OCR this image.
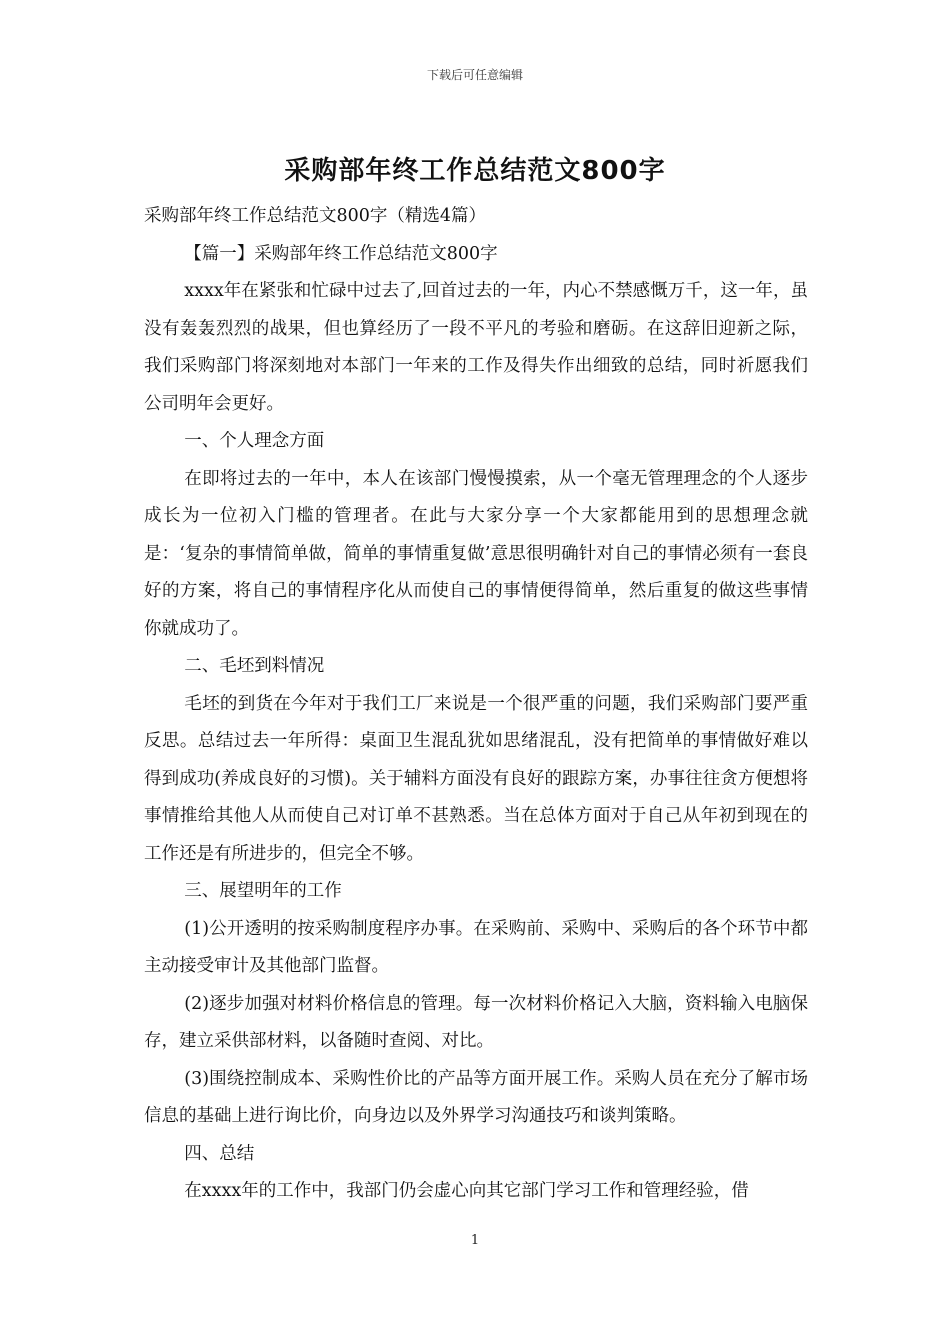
下载后可任意编辑
采购部年终工作总结范文800字

采购部年终工作总结范文800字（精选4篇）

【篇一】采购部年终工作总结范文800字

xxxx年在紧张和忙碌中过去了,回首过去的一年，内心不禁感慨万千，这一年，虽没有轰轰烈烈的战果，但也算经历了一段不平凡的考验和磨砺。在这辞旧迎新之际，我们采购部门将深刻地对本部门一年来的工作及得失作出细致的总结，同时祈愿我们公司明年会更好。

一、个人理念方面

在即将过去的一年中，本人在该部门慢慢摸索，从一个毫无管理理念的个人逐步成长为一位初入门槛的管理者。在此与大家分享一个大家都能用到的思想理念就是：‘复杂的事情简单做，简单的事情重复做’意思很明确针对自己的事情必须有一套良好的方案，将自己的事情程序化从而使自己的事情便得简单，然后重复的做这些事情你就成功了。

二、毛坯到料情况

毛坯的到货在今年对于我们工厂来说是一个很严重的问题，我们采购部门要严重反思。总结过去一年所得：桌面卫生混乱犹如思绪混乱，没有把简单的事情做好难以得到成功(养成良好的习惯)。关于辅料方面没有良好的跟踪方案，办事往往贪方便想将事情推给其他人从而使自己对订单不甚熟悉。当在总体方面对于自己从年初到现在的工作还是有所进步的，但完全不够。

三、展望明年的工作

(1)公开透明的按采购制度程序办事。在采购前、采购中、采购后的各个环节中都主动接受审计及其他部门监督。

(2)逐步加强对材料价格信息的管理。每一次材料价格记入大脑，资料输入电脑保存，建立采供部材料，以备随时查阅、对比。

(3)围绕控制成本、采购性价比的产品等方面开展工作。采购人员在充分了解市场信息的基础上进行询比价，向身边以及外界学习沟通技巧和谈判策略。

四、总结

在xxxx年的工作中，我部门仍会虚心向其它部门学习工作和管理经验，借

1
